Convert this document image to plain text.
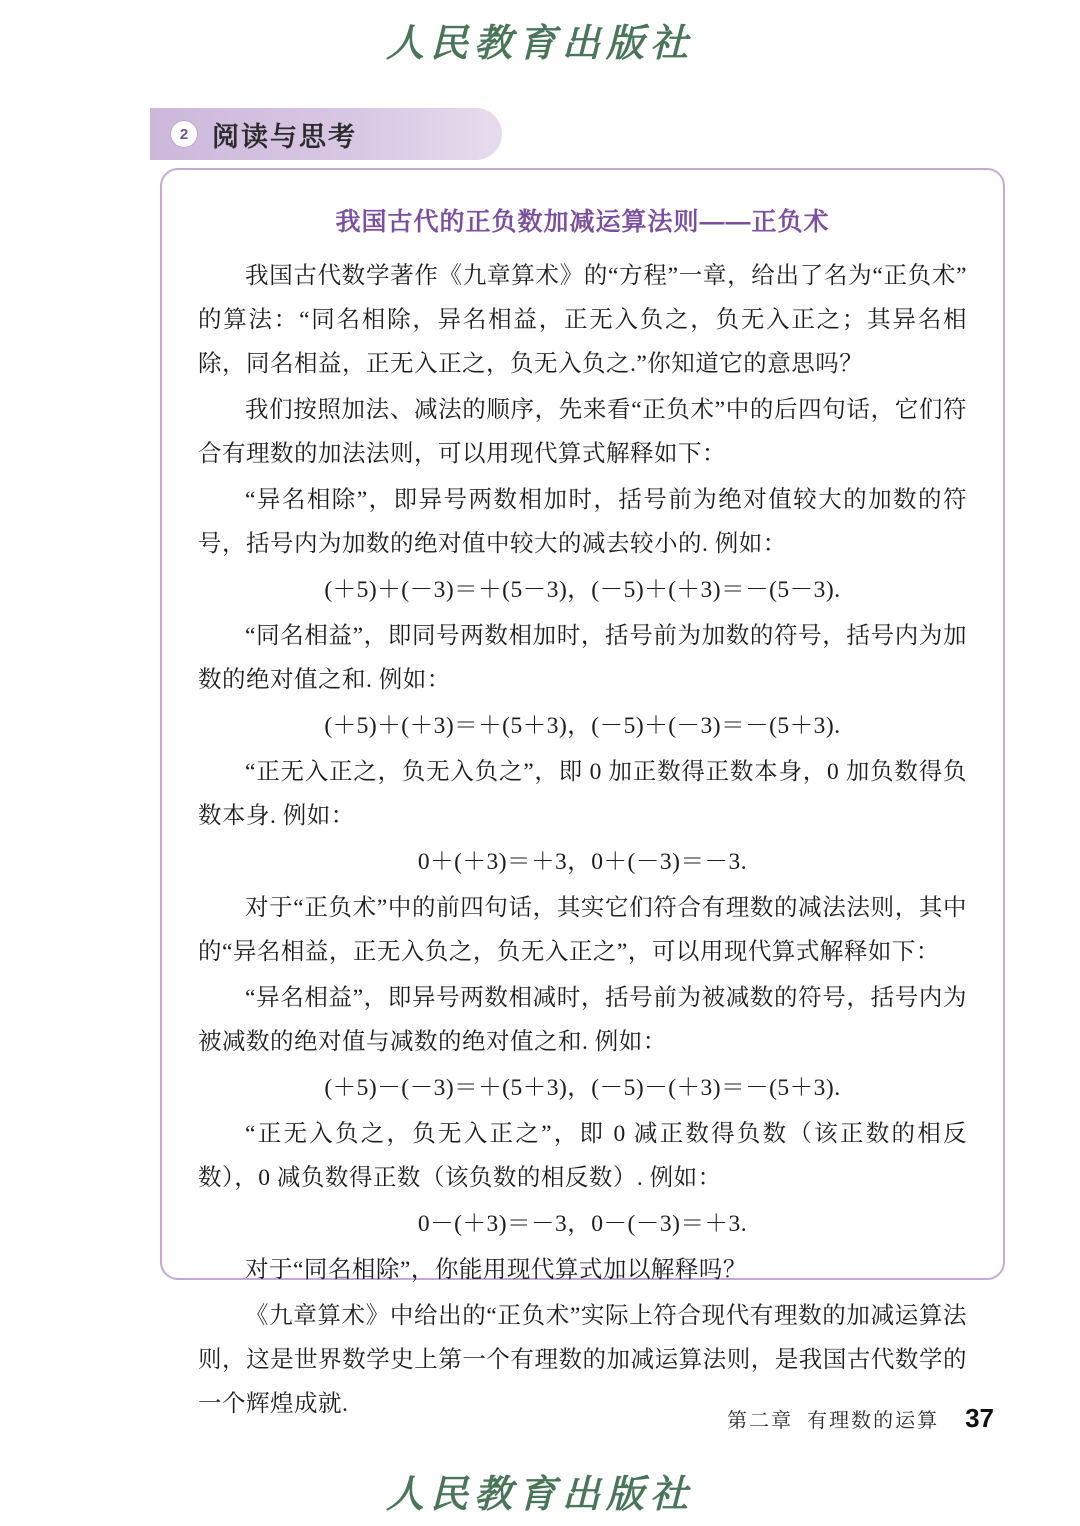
人民教育出版社
2 阅读与思考
我国古代的正负数加减运算法则——正负术

我国古代数学著作《九章算术》的“方程”一章，给出了名为“正负术”的算法：“同名相除，异名相益，正无入负之，负无入正之；其异名相除，同名相益，正无入正之，负无入负之.”你知道它的意思吗？

我们按照加法、减法的顺序，先来看“正负术”中的后四句话，它们符合有理数的加法法则，可以用现代算式解释如下：

“异名相除”，即异号两数相加时，括号前为绝对值较大的加数的符号，括号内为加数的绝对值中较大的减去较小的. 例如：

(＋5)＋(－3)＝＋(5－3)，(－5)＋(＋3)＝－(5－3).

“同名相益”，即同号两数相加时，括号前为加数的符号，括号内为加数的绝对值之和. 例如：

(＋5)＋(＋3)＝＋(5＋3)，(－5)＋(－3)＝－(5＋3).

“正无入正之，负无入负之”，即 0 加正数得正数本身，0 加负数得负数本身. 例如：

0＋(＋3)＝＋3，0＋(－3)＝－3.

对于“正负术”中的前四句话，其实它们符合有理数的减法法则，其中的“异名相益，正无入负之，负无入正之”，可以用现代算式解释如下：

“异名相益”，即异号两数相减时，括号前为被减数的符号，括号内为被减数的绝对值与减数的绝对值之和. 例如：

(＋5)－(－3)＝＋(5＋3)，(－5)－(＋3)＝－(5＋3).

“正无入负之，负无入正之”，即 0 减正数得负数（该正数的相反数），0 减负数得正数（该负数的相反数）. 例如：

0－(＋3)＝－3，0－(－3)＝＋3.

对于“同名相除”，你能用现代算式加以解释吗？

《九章算术》中给出的“正负术”实际上符合现代有理数的加减运算法则，这是世界数学史上第一个有理数的加减运算法则，是我国古代数学的一个辉煌成就.

第二章 有理数的运算 37
人民教育出版社
